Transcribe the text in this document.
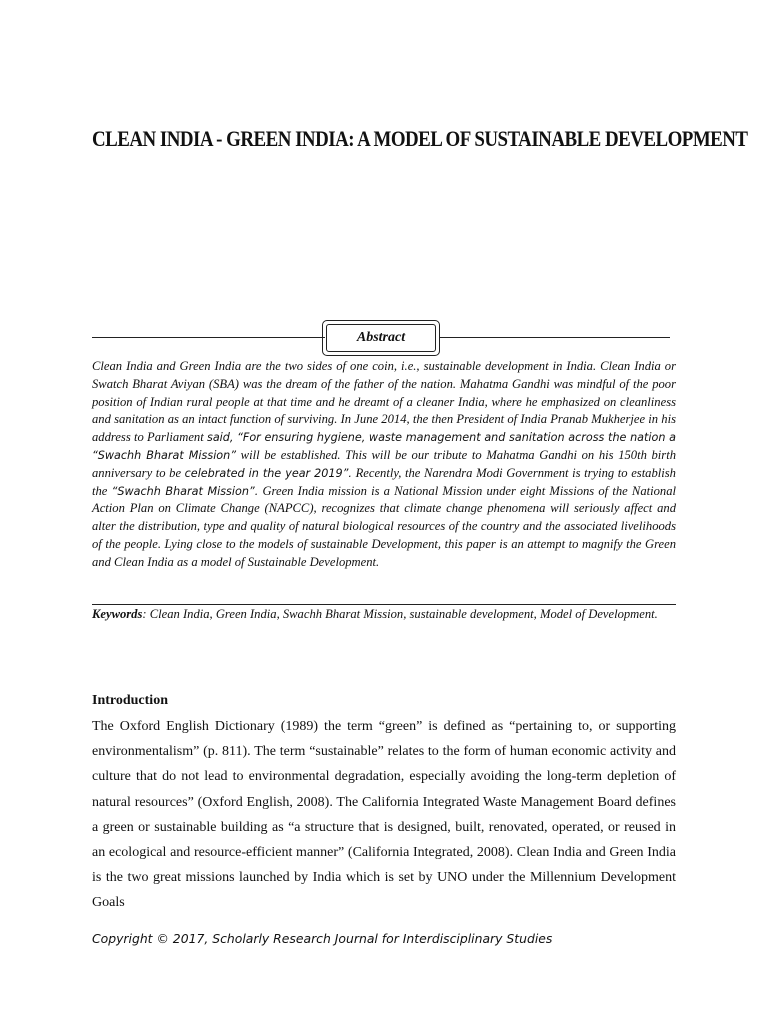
CLEAN INDIA - GREEN INDIA: A MODEL OF SUSTAINABLE DEVELOPMENT
Abstract

Clean India and Green India are the two sides of one coin, i.e., sustainable development in India. Clean India or Swatch Bharat Aviyan (SBA) was the dream of the father of the nation. Mahatma Gandhi was mindful of the poor position of Indian rural people at that time and he dreamt of a cleaner India, where he emphasized on cleanliness and sanitation as an intact function of surviving. In June 2014, the then President of India Pranab Mukherjee in his address to Parliament said, “For ensuring hygiene, waste management and sanitation across the nation a “Swachh Bharat Mission” will be established. This will be our tribute to Mahatma Gandhi on his 150th birth anniversary to be celebrated in the year 2019”. Recently, the Narendra Modi Government is trying to establish the “Swachh Bharat Mission”. Green India mission is a National Mission under eight Missions of the National Action Plan on Climate Change (NAPCC), recognizes that climate change phenomena will seriously affect and alter the distribution, type and quality of natural biological resources of the country and the associated livelihoods of the people. Lying close to the models of sustainable Development, this paper is an attempt to magnify the Green and Clean India as a model of Sustainable Development.

Keywords: Clean India, Green India, Swachh Bharat Mission, sustainable development, Model of Development.

Introduction

The Oxford English Dictionary (1989) the term “green” is defined as “pertaining to, or supporting environmentalism” (p. 811). The term “sustainable” relates to the form of human economic activity and culture that do not lead to environmental degradation, especially avoiding the long-term depletion of natural resources” (Oxford English, 2008). The California Integrated Waste Management Board defines a green or sustainable building as “a structure that is designed, built, renovated, operated, or reused in an ecological and resource-efficient manner” (California Integrated, 2008). Clean India and Green India is the two great missions launched by India which is set by UNO under the Millennium Development Goals

Copyright © 2017, Scholarly Research Journal for Interdisciplinary Studies
